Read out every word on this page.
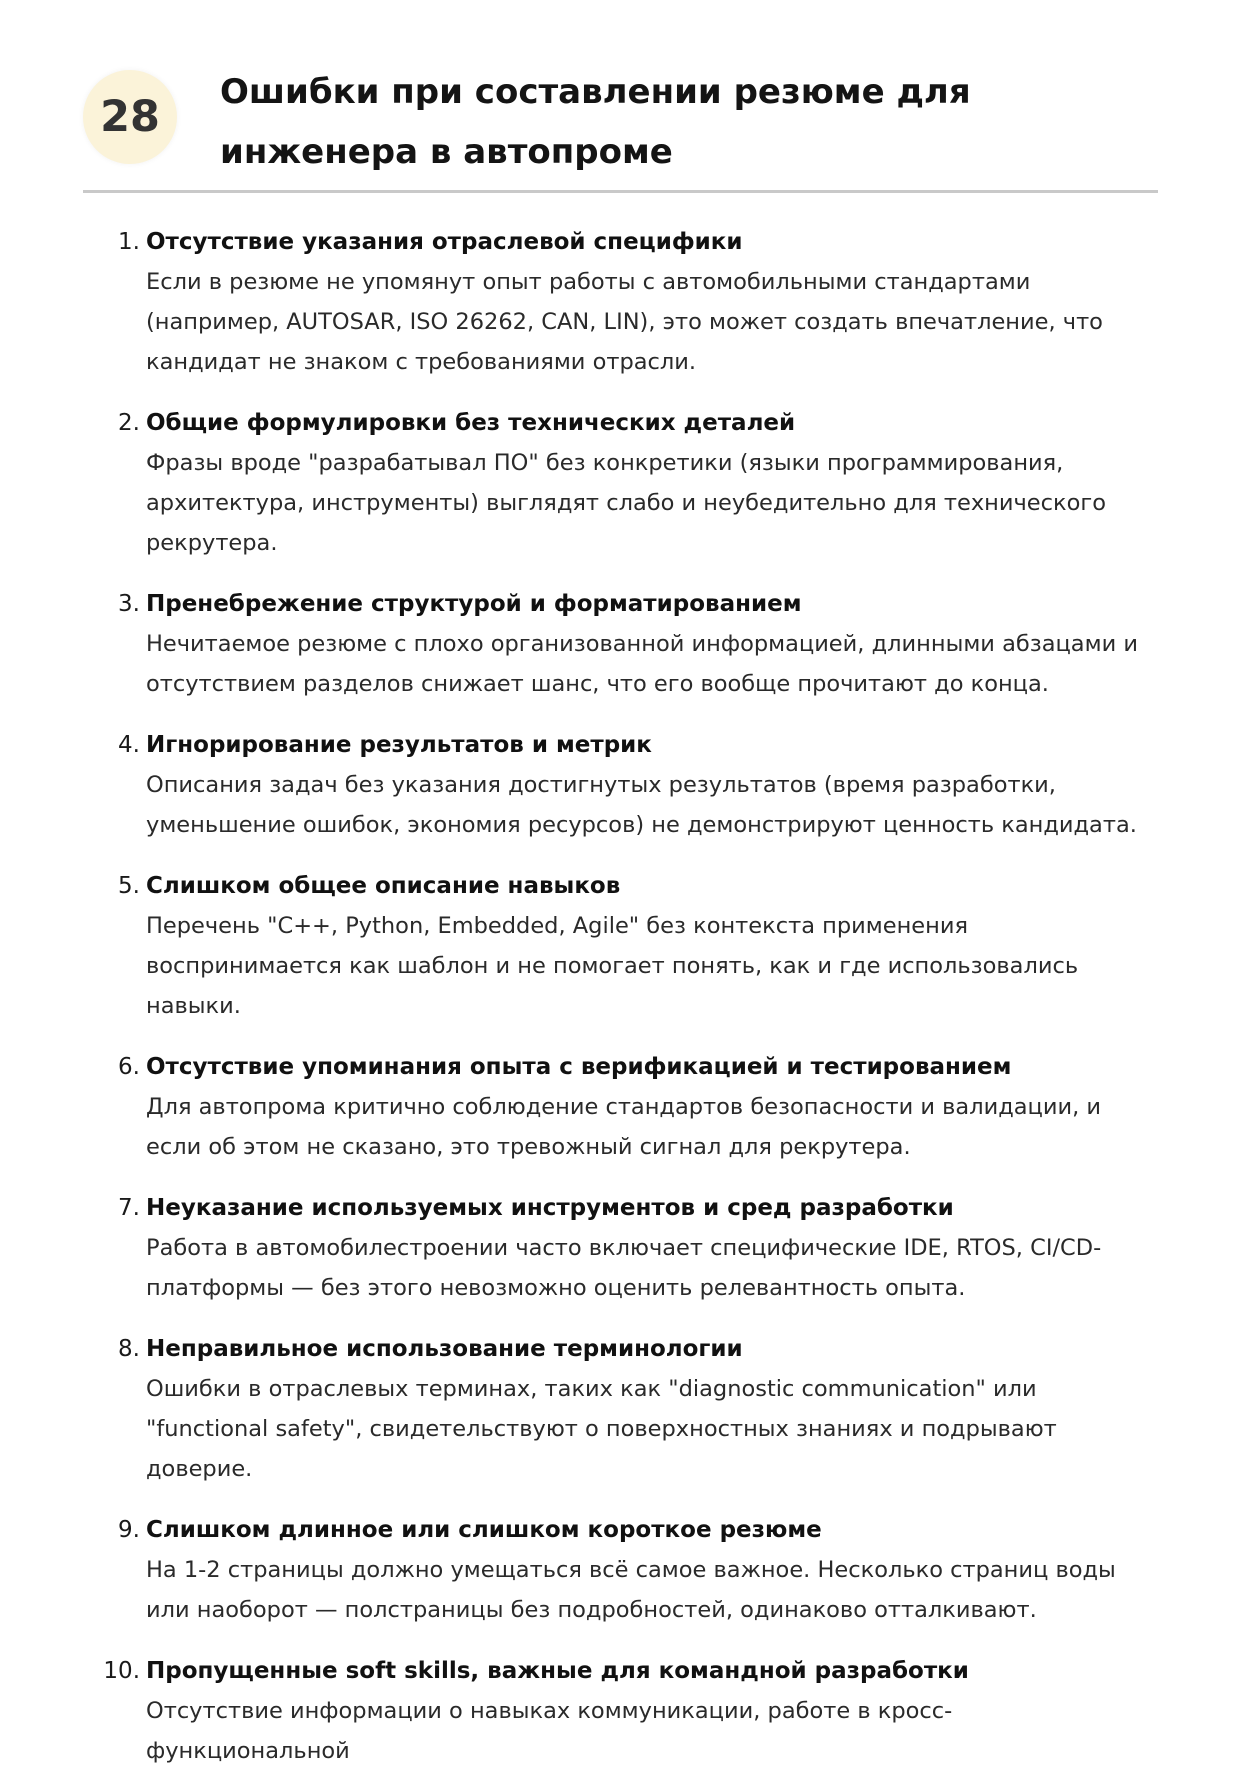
28	Ошибки при составлении резюме для инженера в автопроме
1. Отсутствие указания отраслевой специфики
Если в резюме не упомянут опыт работы с автомобильными стандартами (например, AUTOSAR, ISO 26262, CAN, LIN), это может создать впечатление, что кандидат не знаком с требованиями отрасли.
2. Общие формулировки без технических деталей
Фразы вроде "разрабатывал ПО" без конкретики (языки программирования, архитектура, инструменты) выглядят слабо и неубедительно для технического рекрутера.
3. Пренебрежение структурой и форматированием
Нечитаемое резюме с плохо организованной информацией, длинными абзацами и отсутствием разделов снижает шанс, что его вообще прочитают до конца.
4. Игнорирование результатов и метрик
Описания задач без указания достигнутых результатов (время разработки, уменьшение ошибок, экономия ресурсов) не демонстрируют ценность кандидата.
5. Слишком общее описание навыков
Перечень "C++, Python, Embedded, Agile" без контекста применения воспринимается как шаблон и не помогает понять, как и где использовались навыки.
6. Отсутствие упоминания опыта с верификацией и тестированием
Для автопрома критично соблюдение стандартов безопасности и валидации, и если об этом не сказано, это тревожный сигнал для рекрутера.
7. Неуказание используемых инструментов и сред разработки
Работа в автомобилестроении часто включает специфические IDE, RTOS, CI/CD-платформы — без этого невозможно оценить релевантность опыта.
8. Неправильное использование терминологии
Ошибки в отраслевых терминах, таких как "diagnostic communication" или "functional safety", свидетельствуют о поверхностных знаниях и подрывают доверие.
9. Слишком длинное или слишком короткое резюме
На 1-2 страницы должно умещаться всё самое важное. Несколько страниц воды или наоборот — полстраницы без подробностей, одинаково отталкивают.
10. Пропущенные soft skills, важные для командной разработки
Отсутствие информации о навыках коммуникации, работе в кросс-функциональной
